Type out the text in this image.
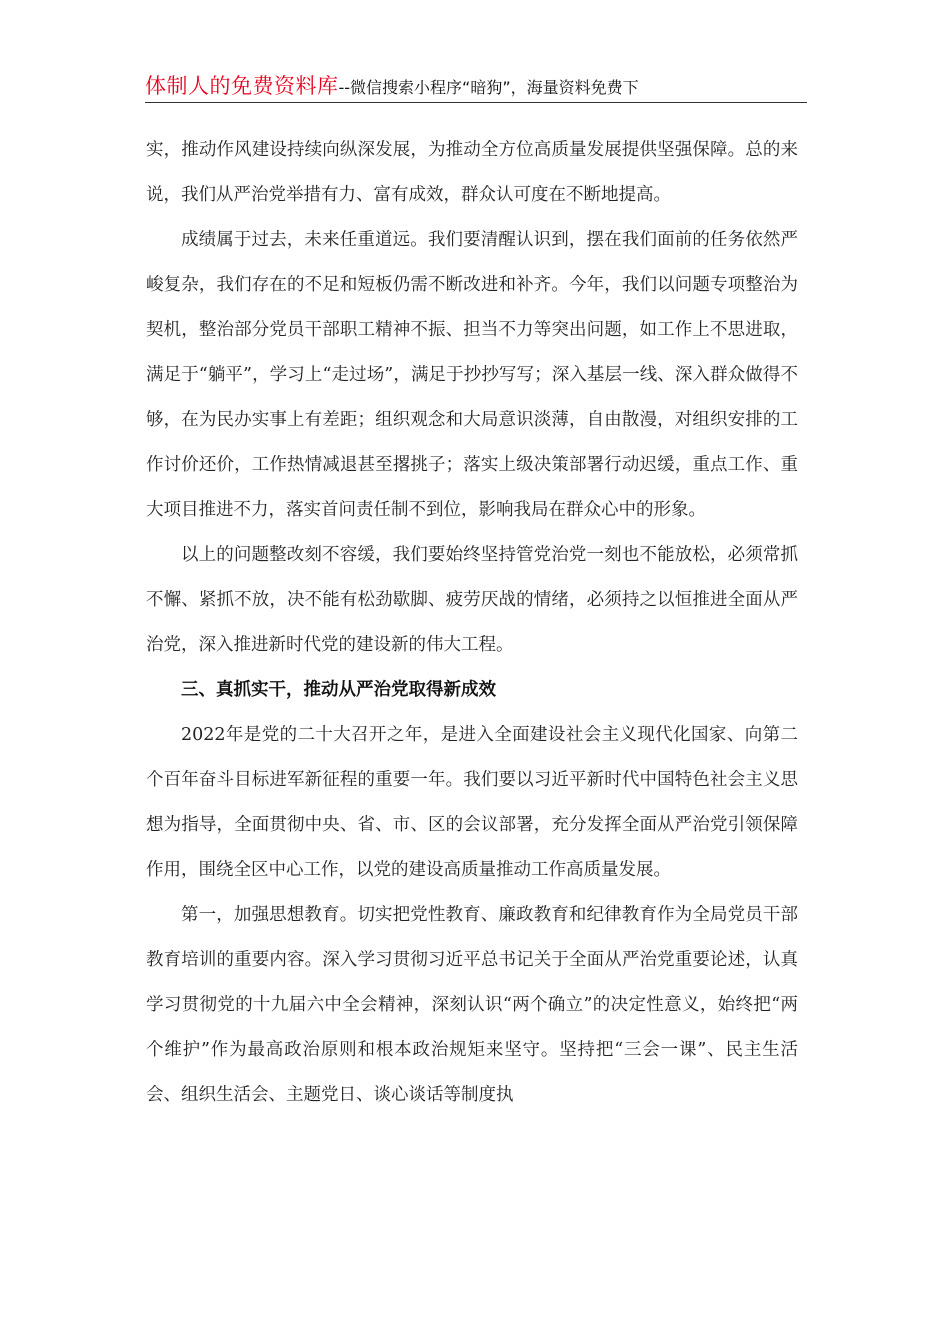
体制人的免费资料库--微信搜索小程序“暗狗”，海量资料免费下

实，推动作风建设持续向纵深发展，为推动全方位高质量发展提供坚强保障。总的来说，我们从严治党举措有力、富有成效，群众认可度在不断地提高。

成绩属于过去，未来任重道远。我们要清醒认识到，摆在我们面前的任务依然严峻复杂，我们存在的不足和短板仍需不断改进和补齐。今年，我们以问题专项整治为契机，整治部分党员干部职工精神不振、担当不力等突出问题，如工作上不思进取，满足于“躺平”，学习上“走过场”，满足于抄抄写写；深入基层一线、深入群众做得不够，在为民办实事上有差距；组织观念和大局意识淡薄，自由散漫，对组织安排的工作讨价还价，工作热情减退甚至撂挑子；落实上级决策部署行动迟缓，重点工作、重大项目推进不力，落实首问责任制不到位，影响我局在群众心中的形象。

以上的问题整改刻不容缓，我们要始终坚持管党治党一刻也不能放松，必须常抓不懈、紧抓不放，决不能有松劲歇脚、疲劳厌战的情绪，必须持之以恒推进全面从严治党，深入推进新时代党的建设新的伟大工程。

三、真抓实干，推动从严治党取得新成效

2022年是党的二十大召开之年，是进入全面建设社会主义现代化国家、向第二个百年奋斗目标进军新征程的重要一年。我们要以习近平新时代中国特色社会主义思想为指导，全面贯彻中央、省、市、区的会议部署，充分发挥全面从严治党引领保障作用，围绕全区中心工作，以党的建设高质量推动工作高质量发展。

第一，加强思想教育。切实把党性教育、廉政教育和纪律教育作为全局党员干部教育培训的重要内容。深入学习贯彻习近平总书记关于全面从严治党重要论述，认真学习贯彻党的十九届六中全会精神，深刻认识“两个确立”的决定性意义，始终把“两个维护”作为最高政治原则和根本政治规矩来坚守。坚持把“三会一课”、民主生活会、组织生活会、主题党日、谈心谈话等制度执
